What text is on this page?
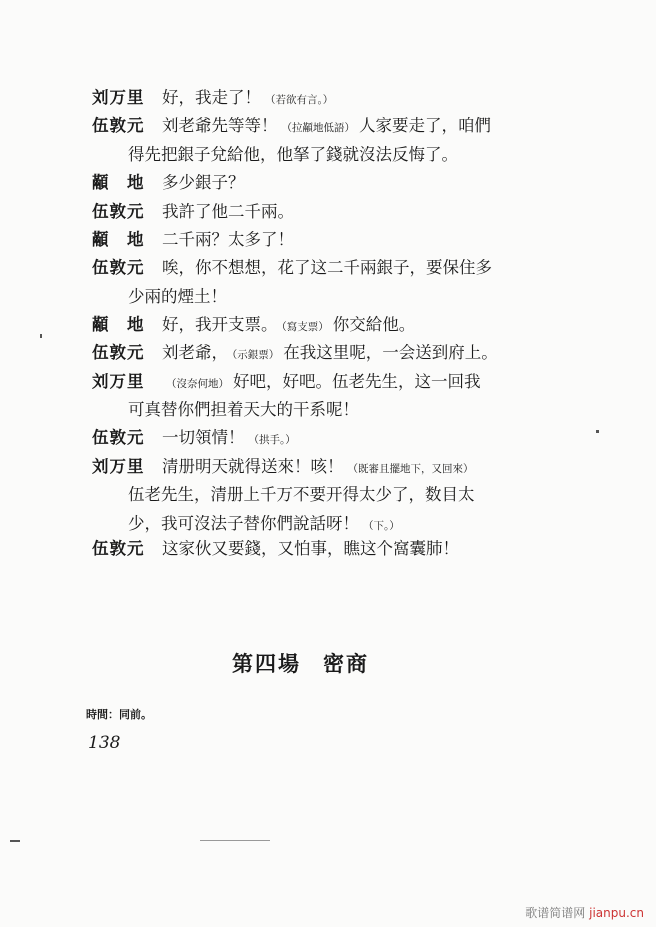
刘万里 好，我走了！ （若欲有言。）
伍敦元 刘老爺先等等！ （拉顢地低語） 人家要走了，咱們
得先把銀子兌給他，他拏了錢就沒法反悔了。
顢　地 多少銀子？
伍敦元 我許了他二千兩。
顢　地 二千兩？太多了！
伍敦元 唉，你不想想，花了这二千兩銀子，要保住多
少兩的煙土！
顢　地 好，我开支票。 （寫支票） 你交給他。
伍敦元 刘老爺， （示銀票） 在我这里呢，一会送到府上。
刘万里 （沒奈何地） 好吧，好吧。伍老先生，这一回我
可真替你們担着天大的干系呢！
伍敦元 一切領情！ （拱手。）
刘万里 清册明天就得送來！咳！ （既審且擺地下，又回來）
伍老先生，清册上千万不要开得太少了，数目太
少，我可沒法子替你們說話呀！ （下。）
伍敦元 这家伙又要錢，又怕事，瞧这个窩囊肺！
第四場 密商
時間：同前。
138
歌谱简谱网 jianpu.cn
